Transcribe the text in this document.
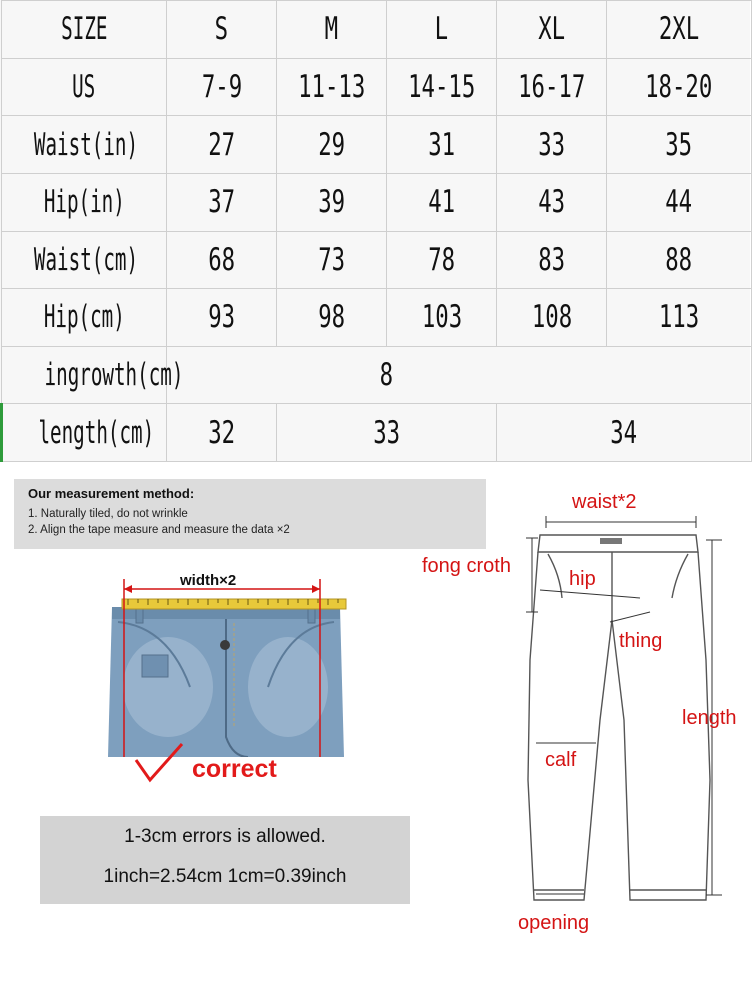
SIZE	S	M	L	XL	2XL
US	7-9	11-13	14-15	16-17	18-20
Waist(in)	27	29	31	33	35
Hip(in)	37	39	41	43	44
Waist(cm)	68	73	78	83	88
Hip(cm)	93	98	103	108	113
ingrowth(cm)	8				
length(cm)	32	33		34	
Our measurement method:
1. Naturally tiled, do not wrinkle
2. Align the tape measure and measure the data ×2
width×2
correct
1-3cm errors is allowed.
1inch=2.54cm 1cm=0.39inch
waist*2
fong croth
hip
thing
length
calf
opening
